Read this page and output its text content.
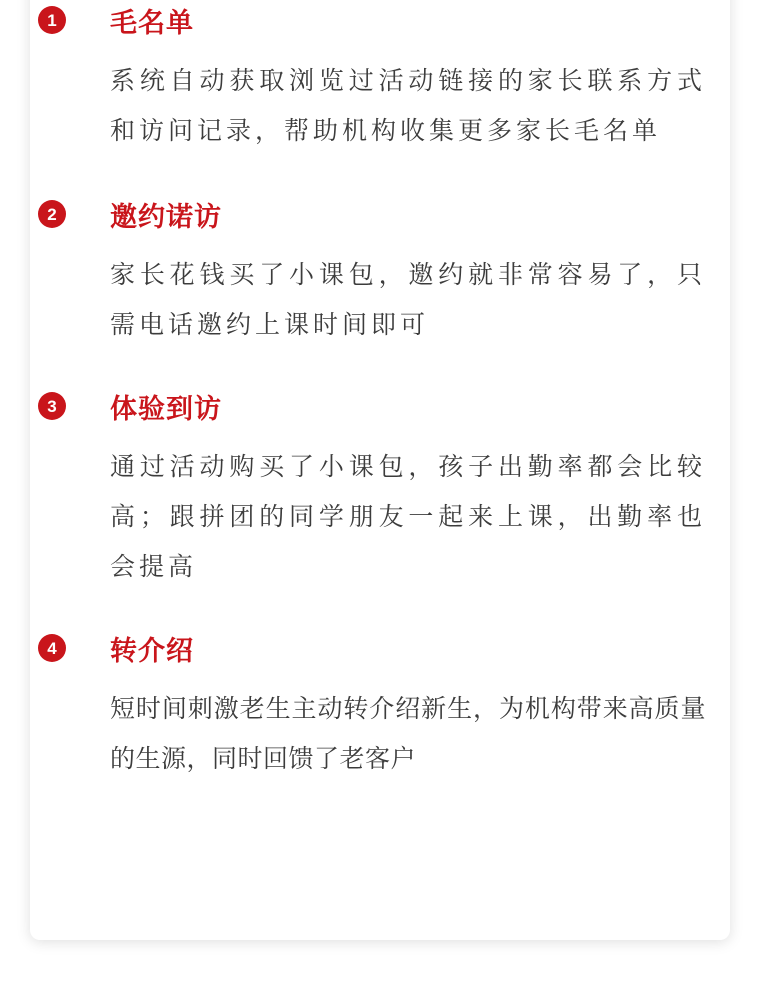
1	毛名单
系统自动获取浏览过活动链接的家长联系方式和访问记录，帮助机构收集更多家长毛名单
2	邀约诺访
家长花钱买了小课包，邀约就非常容易了，只需电话邀约上课时间即可
3	体验到访
通过活动购买了小课包，孩子出勤率都会比较高；跟拼团的同学朋友一起来上课，出勤率也会提高
4	转介绍
短时间刺激老生主动转介绍新生，为机构带来高质量的生源，同时回馈了老客户
